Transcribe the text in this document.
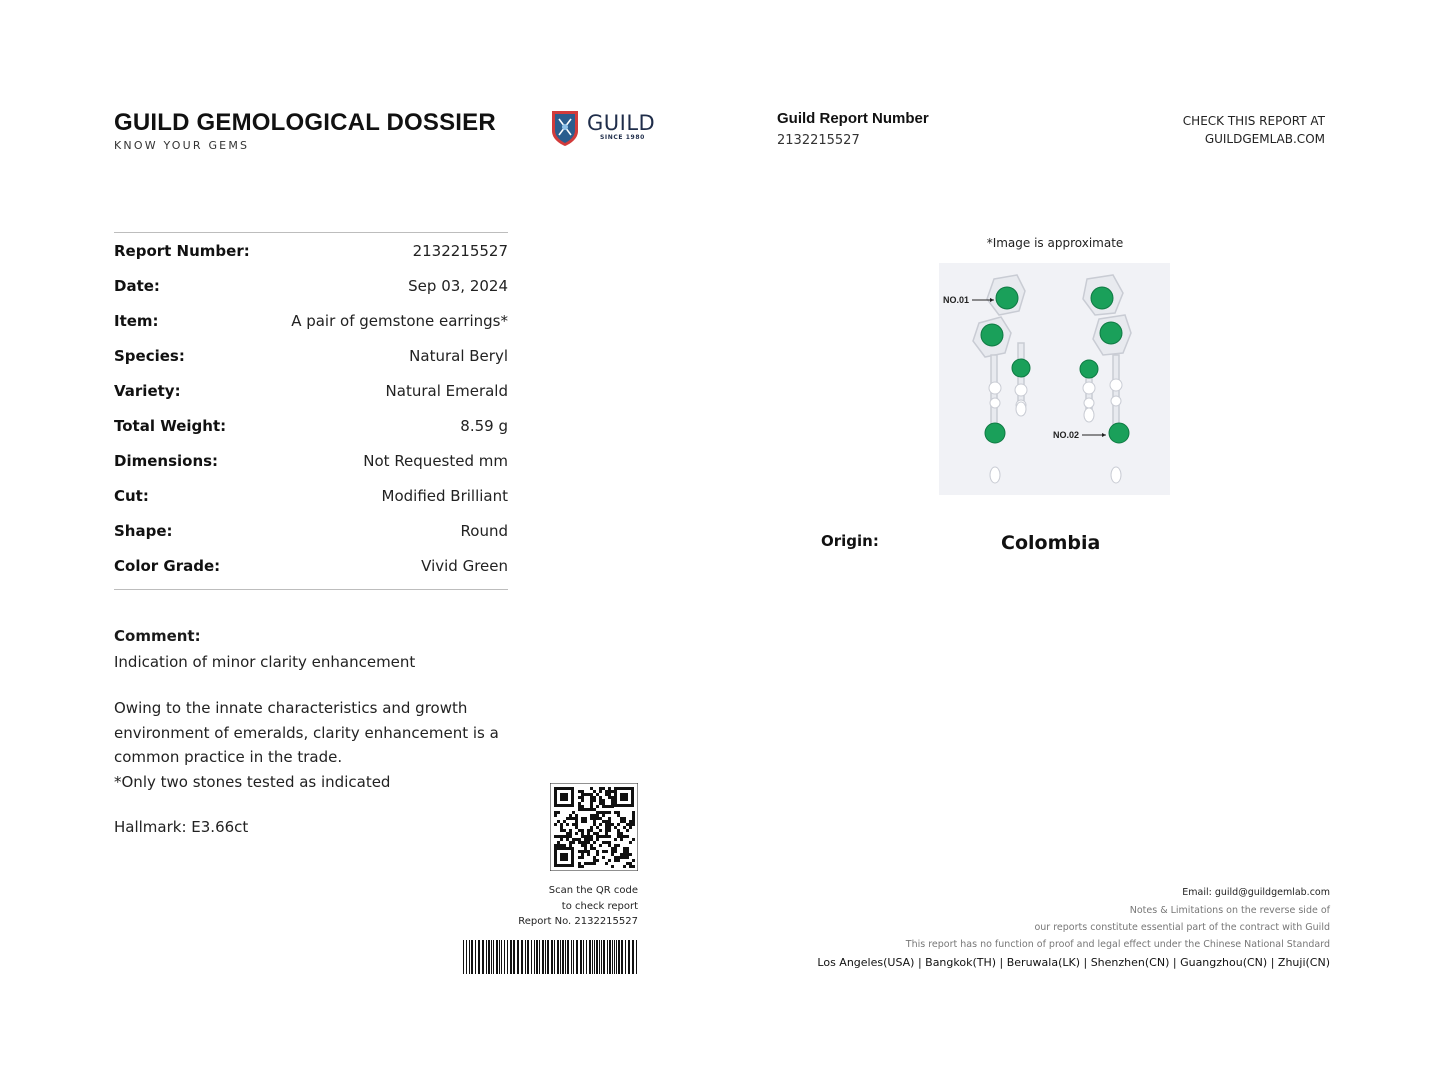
GUILD GEMOLOGICAL DOSSIER
KNOW YOUR GEMS
GUILD
SINCE 1980
Guild Report Number
2132215527
CHECK THIS REPORT AT
GUILDGEMLAB.COM
Report Number:	2132215527
Date:	Sep 03, 2024
Item:	A pair of gemstone earrings*
Species:	Natural Beryl
Variety:	Natural Emerald
Total Weight:	8.59 g
Dimensions:	Not Requested mm
Cut:	Modified Brilliant
Shape:	Round
Color Grade:	Vivid Green
Comment:
Indication of minor clarity enhancement
Owing to the innate characteristics and growth
environment of emeralds, clarity enhancement is a
common practice in the trade.
*Only two stones tested as indicated
Hallmark: E3.66ct
Scan the QR code
to check report
Report No. 2132215527
*Image is approximate
NO.01
NO.02
Origin:	Colombia
Email: guild@guildgemlab.com
Notes & Limitations on the reverse side of
our reports constitute essential part of the contract with Guild
This report has no function of proof and legal effect under the Chinese National Standard
Los Angeles(USA) | Bangkok(TH) | Beruwala(LK) | Shenzhen(CN) | Guangzhou(CN) | Zhuji(CN)
